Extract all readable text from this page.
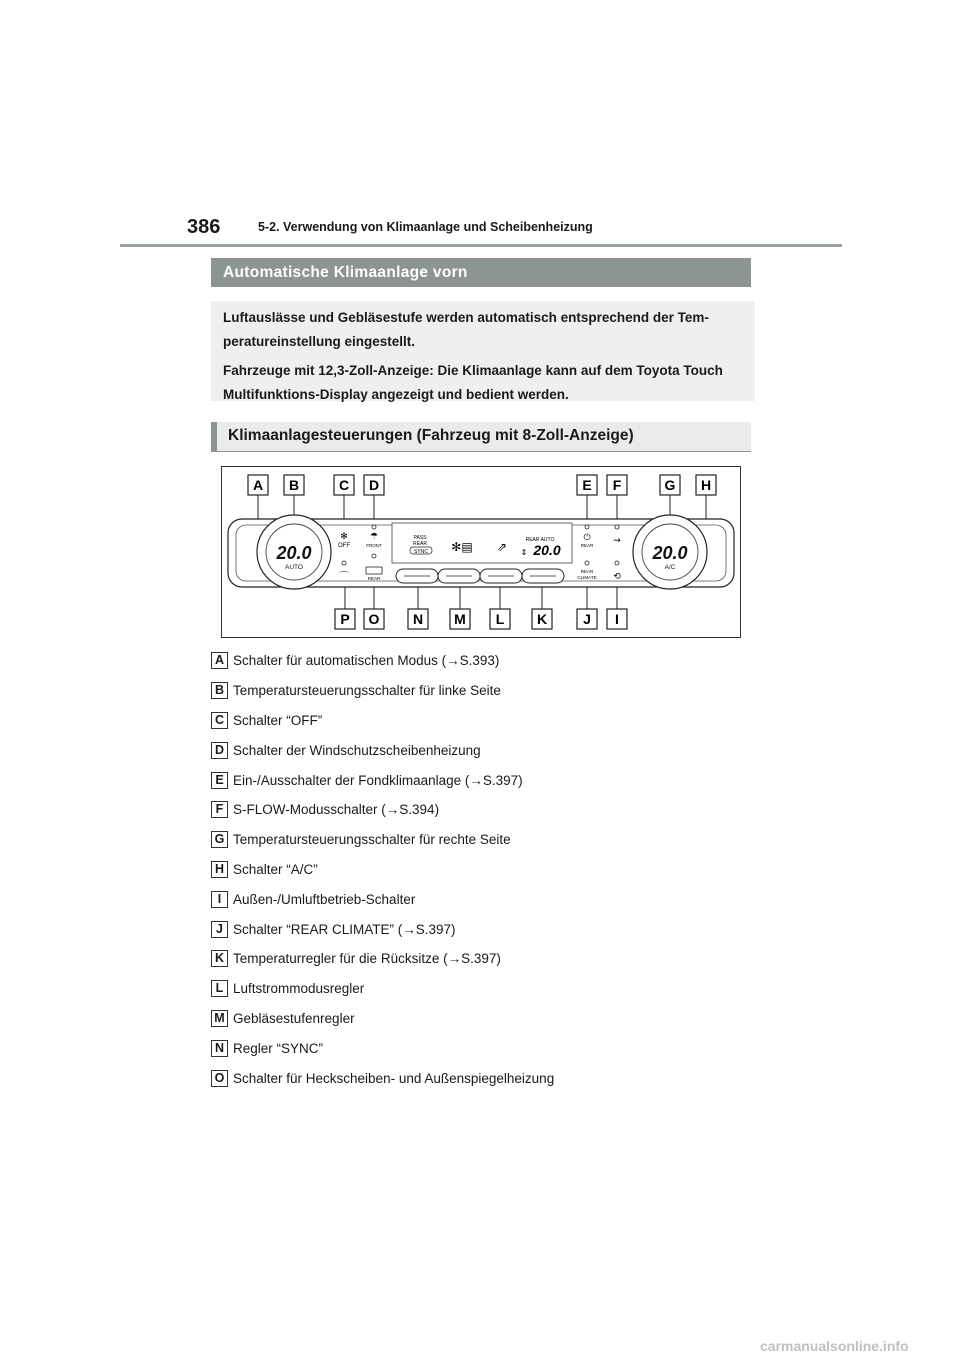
386	5-2. Verwendung von Klimaanlage und Scheibenheizung
Automatische Klimaanlage vorn

Luftauslässe und Gebläsestufe werden automatisch entsprechend der Tem-peratureinstellung eingestellt.

Fahrzeuge mit 12,3-Zoll-Anzeige: Die Klimaanlage kann auf dem Toyota Touch Multifunktions-Display angezeigt und bedient werden.

Klimaanlagesteuerungen (Fahrzeug mit 8-Zoll-Anzeige)
20.0
AUTO
✻
OFF
⌒
☂
FRONT
REAR
PASS
REAR
SYNC ✻▤ ⇗	REAR AUTO
20.0
⇕
⏻
REAR
REAR
CLIMATE
⇝
⟲
20.0
A/C
A B	C D	E F	G H
P O N M L K	J I
A Schalter für automatischen Modus (→S.393)
B Temperatursteuerungsschalter für linke Seite
C Schalter “OFF”
D Schalter der Windschutzscheibenheizung
E Ein-/Ausschalter der Fondklimaanlage (→S.397)
F S-FLOW-Modusschalter (→S.394)
G Temperatursteuerungsschalter für rechte Seite
H Schalter “A/C”
I Außen-/Umluftbetrieb-Schalter
J Schalter “REAR CLIMATE” (→S.397)
K Temperaturregler für die Rücksitze (→S.397)
L Luftstrommodusregler
M Gebläsestufenregler
N Regler “SYNC”
O Schalter für Heckscheiben- und Außenspiegelheizung
carmanualsonline.info
